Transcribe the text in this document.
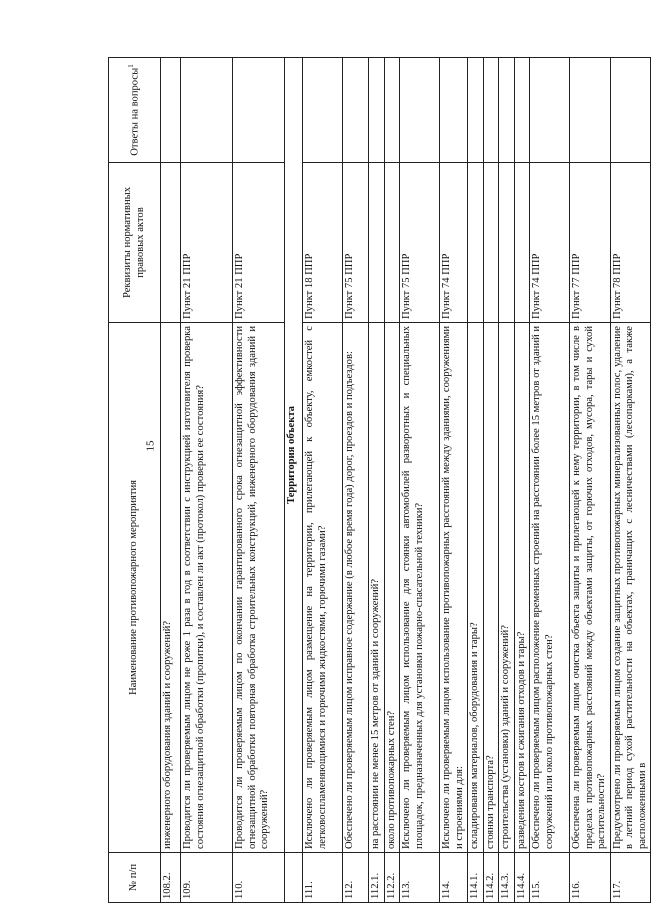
15
№ п/п	Наименование противопожарного мероприятия	Реквизиты нормативных правовых актов	Ответы на вопросы$^1$
108.2.	инженерного оборудования зданий и сооружений?		
109.	Проводится ли проверяемым лицом не реже 1 раза в год в соответствии с инструкцией изготовителя проверка состояния огнезащитной обработки (пропитки), и составлен ли акт (протокол) проверки ее состояния?	Пункт 21 ППР	
110.	Проводится ли проверяемым лицом по окончании гарантированного срока огнезащитной эффективности огнезащитной обработки повторная обработка строительных конструкций, инженерного оборудования зданий и сооружений?	Пункт 21 ППР	
	Территория объекта		
111.	Исключено ли проверяемым лицом размещение на территории, прилегающей к объекту, емкостей с легковоспламеняющимися и горючими жидкостями, горючими газами?	Пункт 18 ППР	
112.	Обеспечено ли проверяемым лицом исправное содержание (в любое время года) дорог, проездов и подъездов:	Пункт 75 ППР	
112.1.	на расстоянии не менее 15 метров от зданий и сооружений?		
112.2.	около противопожарных стен?		
113.	Исключено ли проверяемым лицом использование для стоянки автомобилей разворотных и специальных площадок, предназначенных для установки пожарно-спасательной техники?	Пункт 75 ППР	
114.	Исключено ли проверяемым лицом использование противопожарных расстояний между зданиями, сооружениями и строениями для:	Пункт 74 ППР	
114.1.	складирования материалов, оборудования и тары?		
114.2.	стоянки транспорта?		
114.3.	строительства (установки) зданий и сооружений?		
114.4.	разведения костров и сжигания отходов и тары?		
115.	Обеспечено ли проверяемым лицом расположение временных строений на расстоянии более 15 метров от зданий и сооружений или около противопожарных стен?	Пункт 74 ППР	
116.	Обеспечена ли проверяемым лицом очистка объекта защиты и прилегающей к нему территории, в том числе в пределах противопожарных расстояний между объектами защиты, от горючих отходов, мусора, тары и сухой растительности?	Пункт 77 ППР	
117.	Предусмотрено ли проверяемым лицом создание защитных противопожарных минерализованных полос, удаление в летний период сухой растительности на объектах, граничащих с лесничествами (лесопарками), а также расположенными в	Пункт 78 ППР	
